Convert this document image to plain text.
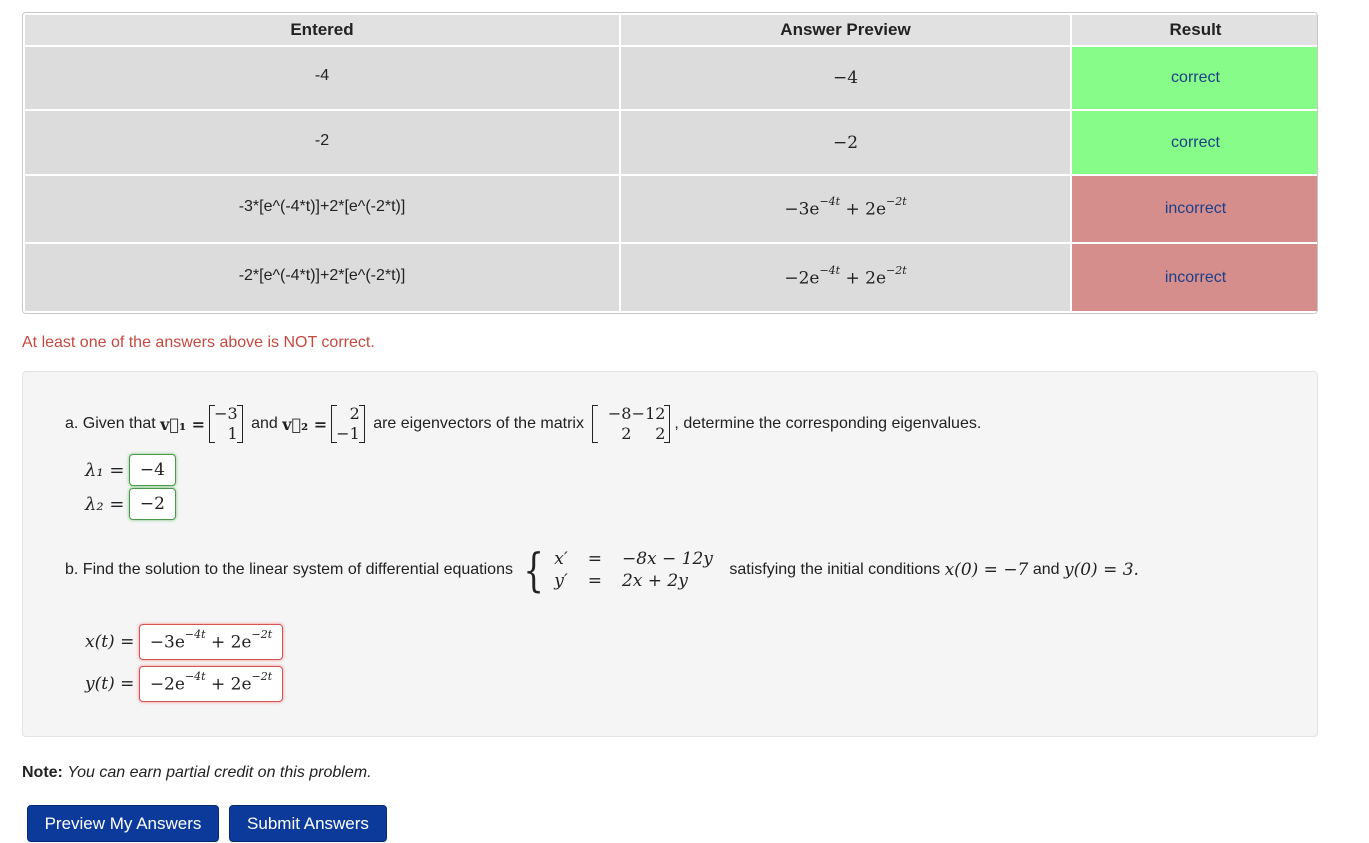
Entered	Answer Preview	Result
-4	−4	correct
-2	−2	correct
-3*[e^(-4*t)]+2*[e^(-2*t)]	$-3e^{-4t} + 2e^{-2t}$	incorrect
-2*[e^(-4*t)]+2*[e^(-2*t)]	$-2e^{-4t} + 2e^{-2t}$	incorrect
At least one of the answers above is NOT correct.
a. Given that
v⃗₁ =
−3
1

and
v⃗₂ =
2
−1

are eigenvectors of the matrix

−8 −12
2	2
, determine the corresponding eigenvalues.
λ₁ =
−4
λ₂ =
−2
b. Find the solution to the linear system of differential equations { x′	=	−8x − 12y
y′	=	2x + 2y

satisfying the initial conditions
x(0) = −7
and
y(0) = 3.
x(t) =
$-3e^{-4t} + 2e^{-2t}$
y(t) =
$-2e^{-4t} + 2e^{-2t}$
Note: You can earn partial credit on this problem.
Preview My Answers	Submit Answers
